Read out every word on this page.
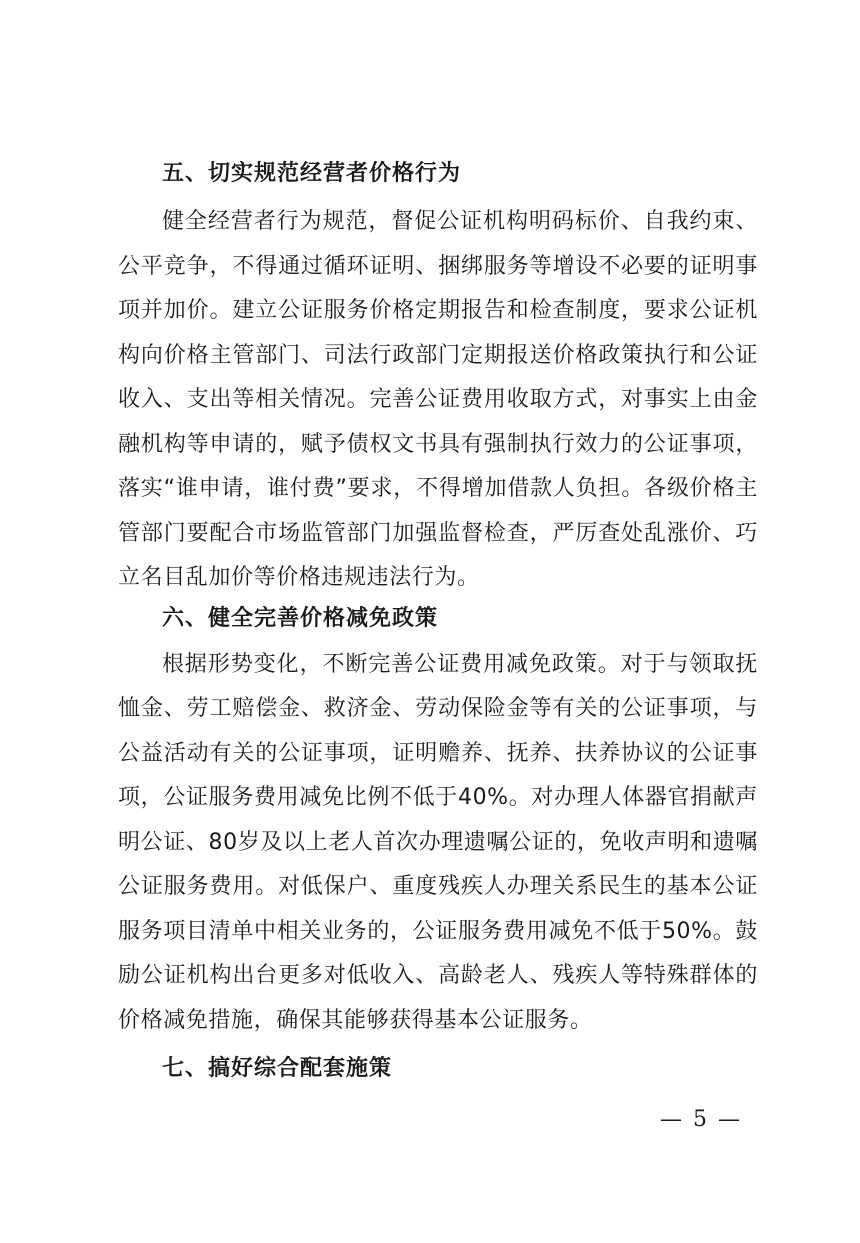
五、切实规范经营者价格行为

健全经营者行为规范，督促公证机构明码标价、自我约束、公平竞争，不得通过循环证明、捆绑服务等增设不必要的证明事项并加价。建立公证服务价格定期报告和检查制度，要求公证机构向价格主管部门、司法行政部门定期报送价格政策执行和公证收入、支出等相关情况。完善公证费用收取方式，对事实上由金融机构等申请的，赋予债权文书具有强制执行效力的公证事项，落实“谁申请，谁付费”要求，不得增加借款人负担。各级价格主管部门要配合市场监管部门加强监督检查，严厉查处乱涨价、巧立名目乱加价等价格违规违法行为。

六、健全完善价格减免政策

根据形势变化，不断完善公证费用减免政策。对于与领取抚恤金、劳工赔偿金、救济金、劳动保险金等有关的公证事项，与公益活动有关的公证事项，证明赡养、抚养、扶养协议的公证事项，公证服务费用减免比例不低于40%。对办理人体器官捐献声明公证、80岁及以上老人首次办理遗嘱公证的，免收声明和遗嘱公证服务费用。对低保户、重度残疾人办理关系民生的基本公证服务项目清单中相关业务的，公证服务费用减免不低于50%。鼓励公证机构出台更多对低收入、高龄老人、残疾人等特殊群体的价格减免措施，确保其能够获得基本公证服务。

七、搞好综合配套施策
— 5 —
